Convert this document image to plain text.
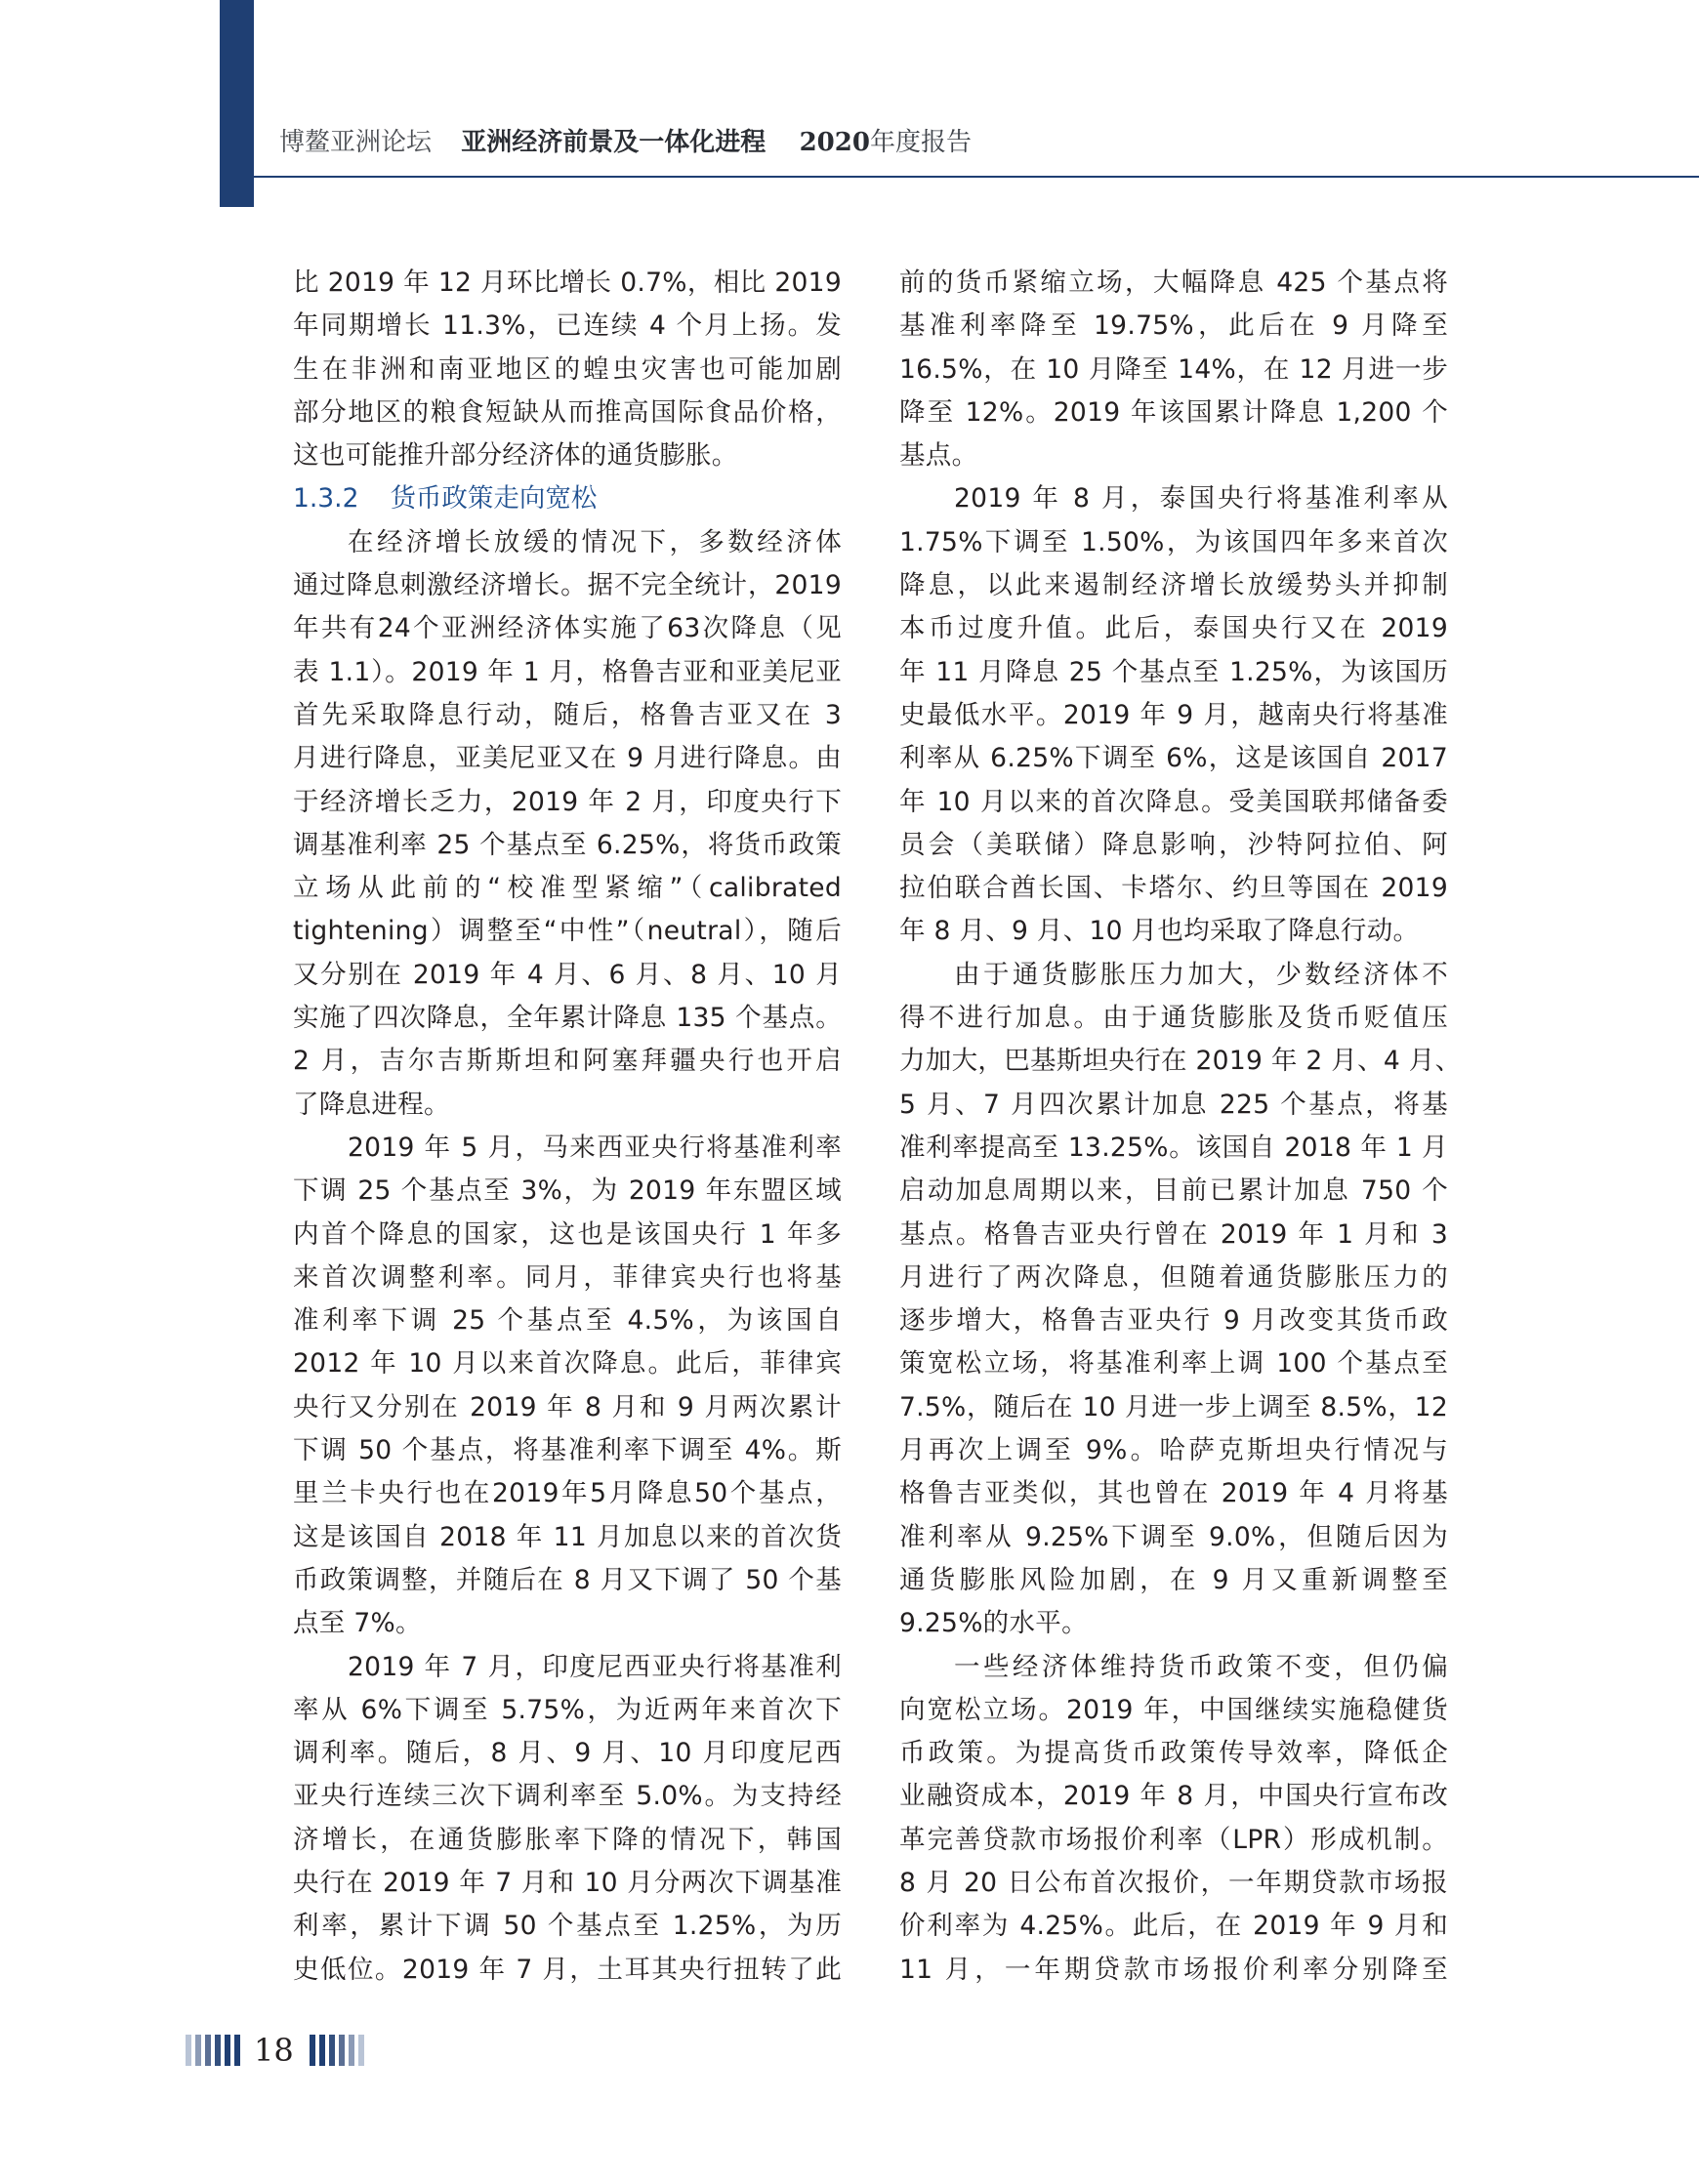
博鳌亚洲论坛 亚洲经济前景及一体化进程 2020年度报告
比 2019 年 12 月环比增长 0.7%，相比 2019
年同期增长 11.3%，已连续 4 个月上扬。发
生在非洲和南亚地区的蝗虫灾害也可能加剧
部分地区的粮食短缺从而推高国际食品价格，
这也可能推升部分经济体的通货膨胀。
1.3.2 货币政策走向宽松
在经济增长放缓的情况下，多数经济体
通过降息刺激经济增长。据不完全统计，2019
年共有24个亚洲经济体实施了63次降息（见
表 1.1）。2019 年 1 月，格鲁吉亚和亚美尼亚
首先采取降息行动，随后，格鲁吉亚又在 3
月进行降息，亚美尼亚又在 9 月进行降息。由
于经济增长乏力，2019 年 2 月，印度央行下
调基准利率 25 个基点至 6.25%，将货币政策
立场从此前的“校准型紧缩”（calibrated
tightening）调整至“中性”（neutral），随后
又分别在 2019 年 4 月、6 月、8 月、10 月
实施了四次降息，全年累计降息 135 个基点。
2 月，吉尔吉斯斯坦和阿塞拜疆央行也开启
了降息进程。
2019 年 5 月，马来西亚央行将基准利率
下调 25 个基点至 3%，为 2019 年东盟区域
内首个降息的国家，这也是该国央行 1 年多
来首次调整利率。同月，菲律宾央行也将基
准利率下调 25 个基点至 4.5%，为该国自
2012 年 10 月以来首次降息。此后，菲律宾
央行又分别在 2019 年 8 月和 9 月两次累计
下调 50 个基点，将基准利率下调至 4%。斯
里兰卡央行也在2019年5月降息50个基点，
这是该国自 2018 年 11 月加息以来的首次货
币政策调整，并随后在 8 月又下调了 50 个基
点至 7%。
2019 年 7 月，印度尼西亚央行将基准利
率从 6%下调至 5.75%，为近两年来首次下
调利率。随后，8 月、9 月、10 月印度尼西
亚央行连续三次下调利率至 5.0%。为支持经
济增长，在通货膨胀率下降的情况下，韩国
央行在 2019 年 7 月和 10 月分两次下调基准
利率，累计下调 50 个基点至 1.25%，为历
史低位。2019 年 7 月，土耳其央行扭转了此
前的货币紧缩立场，大幅降息 425 个基点将
基准利率降至 19.75%，此后在 9 月降至
16.5%，在 10 月降至 14%，在 12 月进一步
降至 12%。2019 年该国累计降息 1,200 个
基点。
2019 年 8 月，泰国央行将基准利率从
1.75%下调至 1.50%，为该国四年多来首次
降息，以此来遏制经济增长放缓势头并抑制
本币过度升值。此后，泰国央行又在 2019
年 11 月降息 25 个基点至 1.25%，为该国历
史最低水平。2019 年 9 月，越南央行将基准
利率从 6.25%下调至 6%，这是该国自 2017
年 10 月以来的首次降息。受美国联邦储备委
员会（美联储）降息影响，沙特阿拉伯、阿
拉伯联合酋长国、卡塔尔、约旦等国在 2019
年 8 月、9 月、10 月也均采取了降息行动。
由于通货膨胀压力加大，少数经济体不
得不进行加息。由于通货膨胀及货币贬值压
力加大，巴基斯坦央行在 2019 年 2 月、4 月、
5 月、7 月四次累计加息 225 个基点，将基
准利率提高至 13.25%。该国自 2018 年 1 月
启动加息周期以来，目前已累计加息 750 个
基点。格鲁吉亚央行曾在 2019 年 1 月和 3
月进行了两次降息，但随着通货膨胀压力的
逐步增大，格鲁吉亚央行 9 月改变其货币政
策宽松立场，将基准利率上调 100 个基点至
7.5%，随后在 10 月进一步上调至 8.5%，12
月再次上调至 9%。哈萨克斯坦央行情况与
格鲁吉亚类似，其也曾在 2019 年 4 月将基
准利率从 9.25%下调至 9.0%，但随后因为
通货膨胀风险加剧，在 9 月又重新调整至
9.25%的水平。
一些经济体维持货币政策不变，但仍偏
向宽松立场。2019 年，中国继续实施稳健货
币政策。为提高货币政策传导效率，降低企
业融资成本，2019 年 8 月，中国央行宣布改
革完善贷款市场报价利率（LPR）形成机制。
8 月 20 日公布首次报价，一年期贷款市场报
价利率为 4.25%。此后，在 2019 年 9 月和
11 月，一年期贷款市场报价利率分别降至
18
